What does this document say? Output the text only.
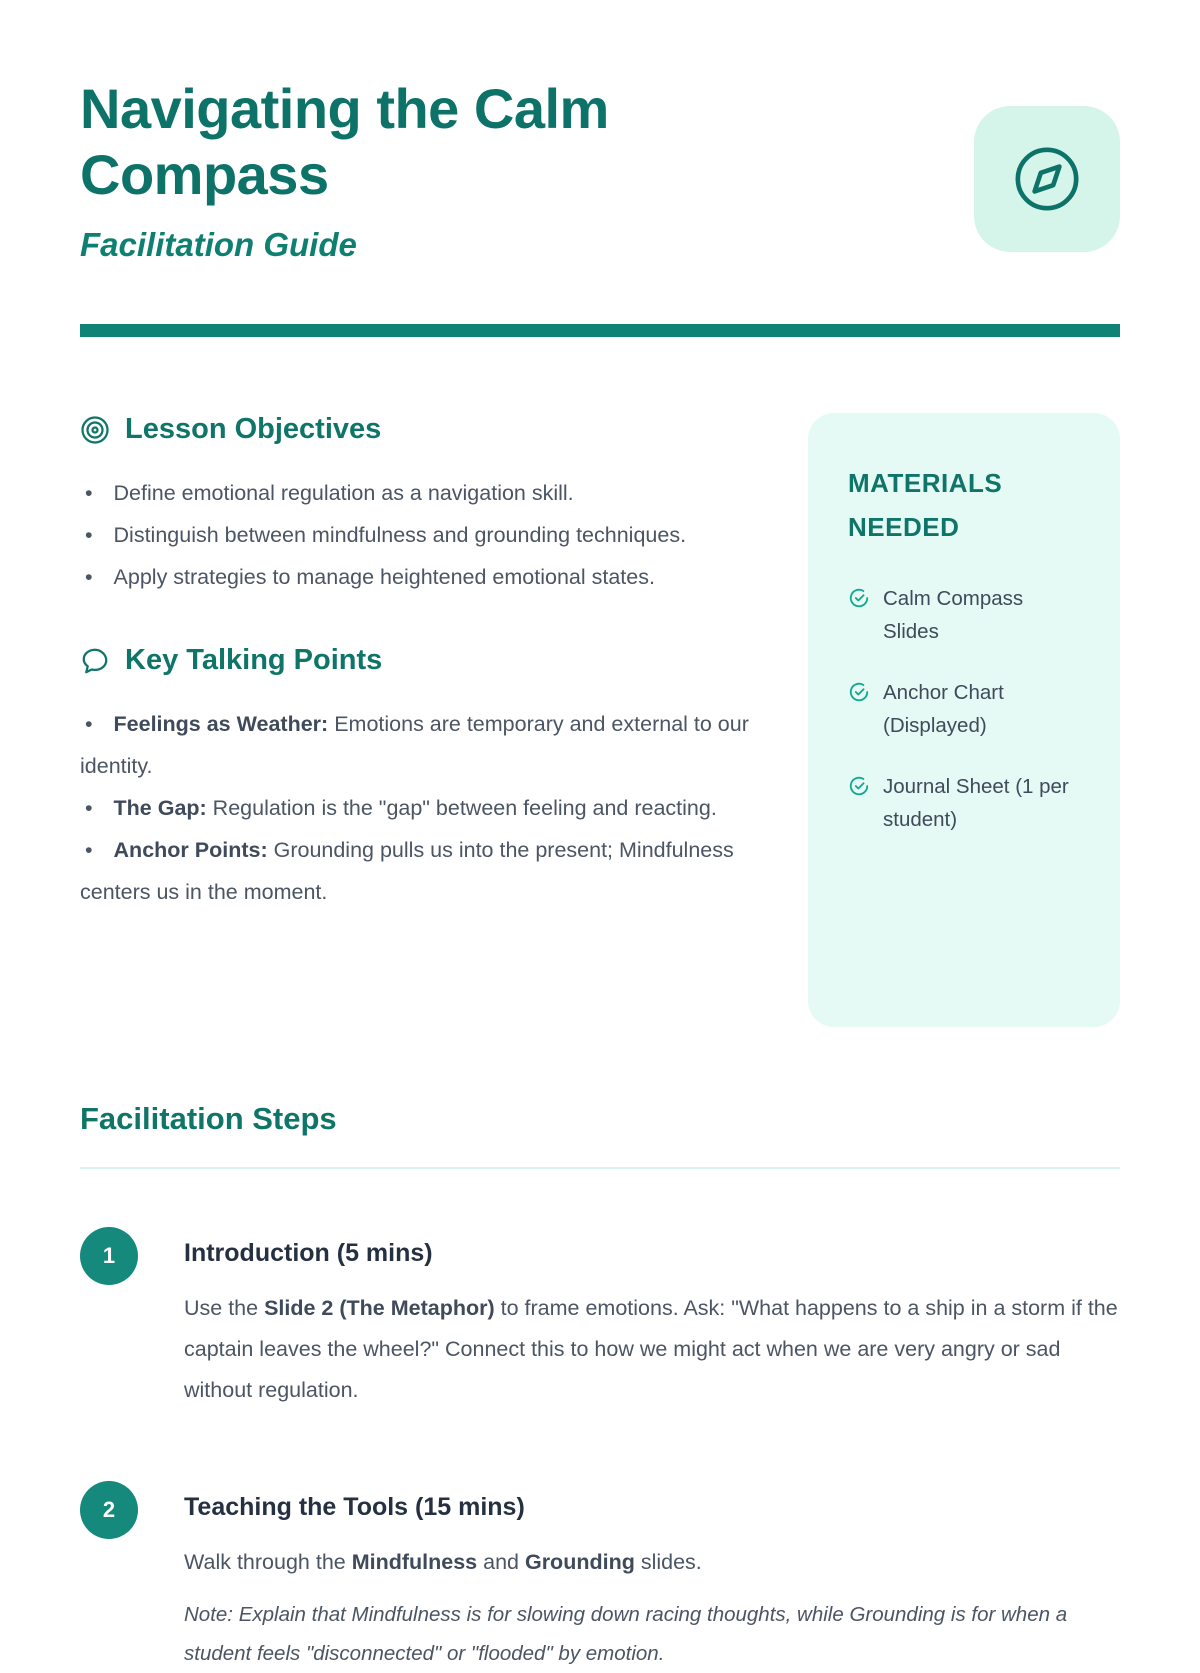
Navigating the Calm Compass

Facilitation Guide

Lesson Objectives
• Define emotional regulation as a navigation skill.
• Distinguish between mindfulness and grounding techniques.
• Apply strategies to manage heightened emotional states.
Key Talking Points
• Feelings as Weather: Emotions are temporary and external to our identity.
• The Gap: Regulation is the "gap" between feeling and reacting.
• Anchor Points: Grounding pulls us into the present; Mindfulness centers us in the moment.
MATERIALS NEEDED
Calm Compass Slides
Anchor Chart (Displayed)
Journal Sheet (1 per student)
Facilitation Steps
1	Introduction (5 mins)

Use the Slide 2 (The Metaphor) to frame emotions. Ask: "What happens to a ship in a storm if the captain leaves the wheel?" Connect this to how we might act when we are very angry or sad without regulation.

2	Teaching the Tools (15 mins)

Walk through the Mindfulness and Grounding slides.

Note: Explain that Mindfulness is for slowing down racing thoughts, while Grounding is for when a student feels "disconnected" or "flooded" by emotion.
